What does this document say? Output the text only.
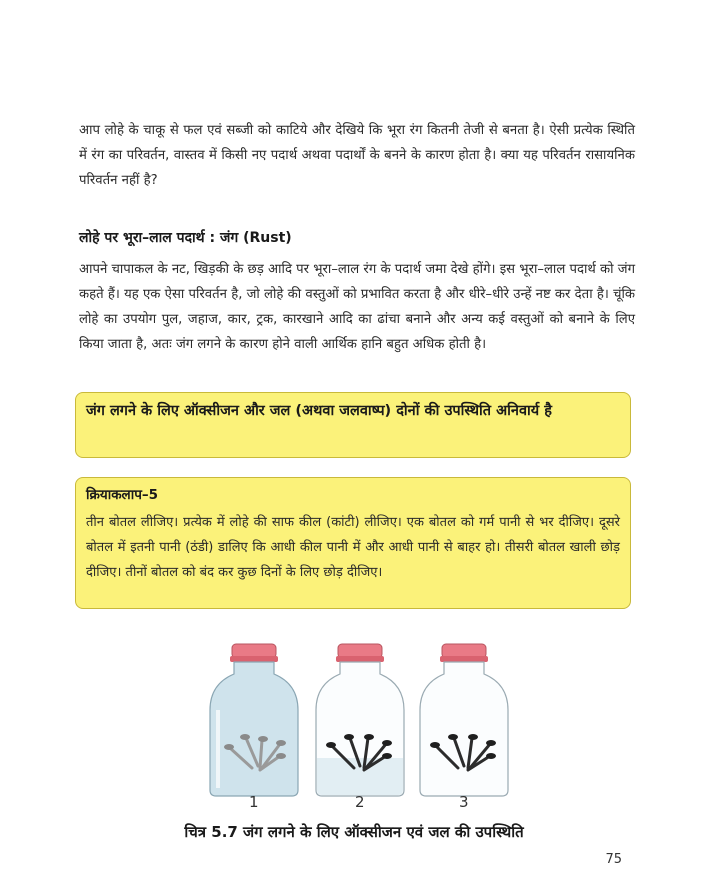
आप लोहे के चाकू से फल एवं सब्जी को काटिये और देखिये कि भूरा रंग कितनी तेजी से बनता है। ऐसी प्रत्येक स्थिति में रंग का परिवर्तन, वास्तव में किसी नए पदार्थ अथवा पदार्थों के बनने के कारण होता है। क्या यह परिवर्तन रासायनिक परिवर्तन नहीं है?

लोहे पर भूरा–लाल पदार्थ : जंग (Rust)

आपने चापाकल के नट, खिड़की के छड़ आदि पर भूरा–लाल रंग के पदार्थ जमा देखे होंगे। इस भूरा–लाल पदार्थ को जंग कहते हैं। यह एक ऐसा परिवर्तन है, जो लोहे की वस्तुओं को प्रभावित करता है और धीरे–धीरे उन्हें नष्ट कर देता है। चूंकि लोहे का उपयोग पुल, जहाज, कार, ट्रक, कारखाने आदि का ढांचा बनाने और अन्य कई वस्तुओं को बनाने के लिए किया जाता है, अतः जंग लगने के कारण होने वाली आर्थिक हानि बहुत अधिक होती है।

जंग लगने के लिए ऑक्सीजन और जल (अथवा जलवाष्प) दोनों की उपस्थिति अनिवार्य है

क्रियाकलाप–5

तीन बोतल लीजिए। प्रत्येक में लोहे की साफ कील (कांटी) लीजिए। एक बोतल को गर्म पानी से भर दीजिए। दूसरे बोतल में इतनी पानी (ठंडी) डालिए कि आधी कील पानी में और आधी पानी से बाहर हो। तीसरी बोतल खाली छोड़ दीजिए। तीनों बोतल को बंद कर कुछ दिनों के लिए छोड़ दीजिए।

1	2	3

चित्र 5.7 जंग लगने के लिए ऑक्सीजन एवं जल की उपस्थिति

75
